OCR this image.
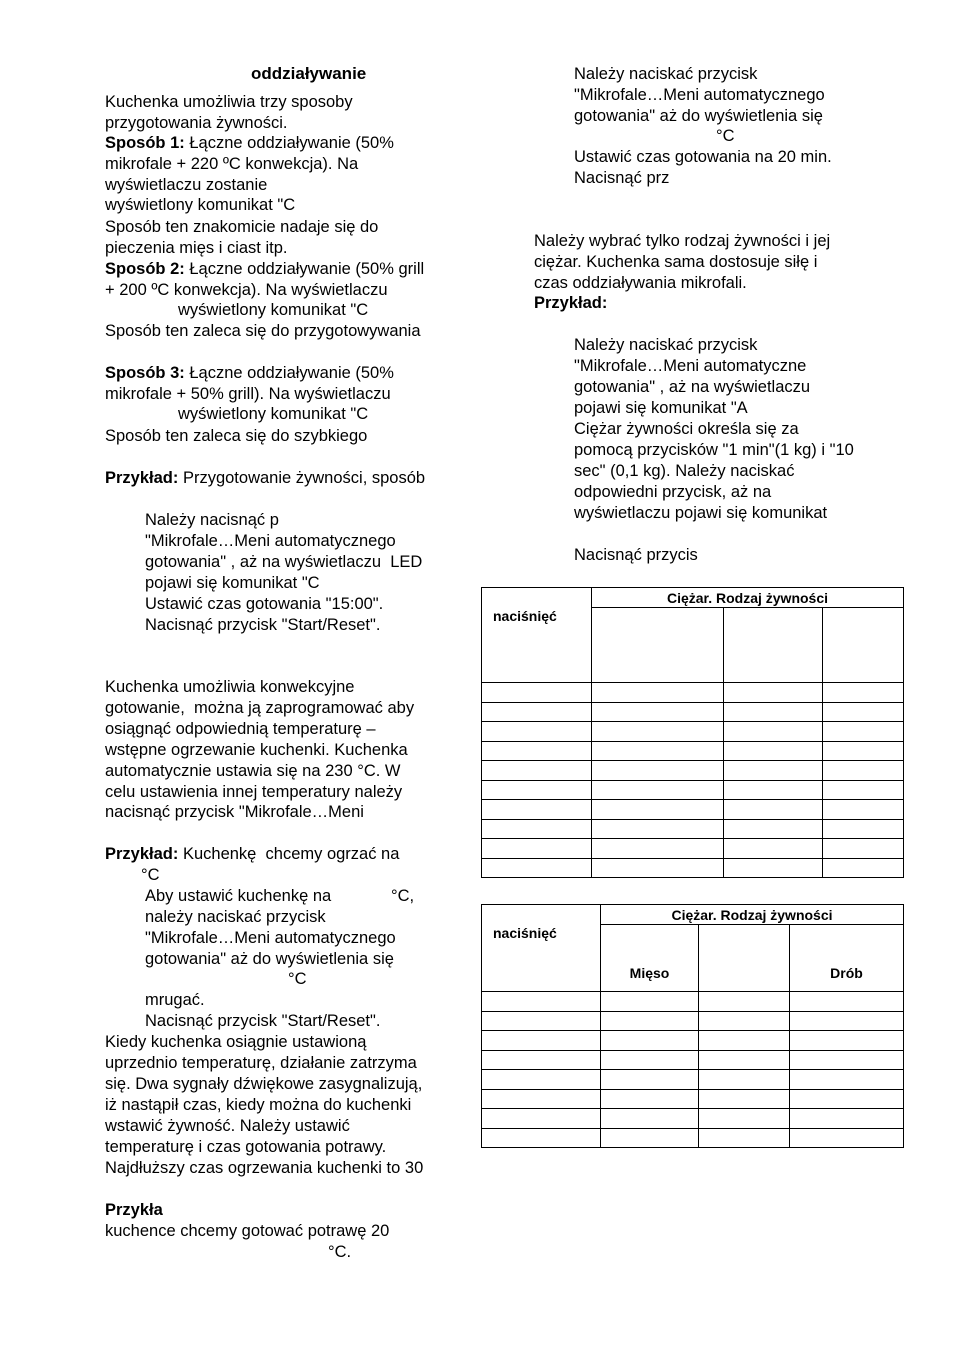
oddziaływanie
Kuchenka umożliwia trzy sposoby
przygotowania żywności.
Sposób 1: Łączne oddziaływanie (50%
mikrofale + 220 ºC konwekcja). Na
wyświetlaczu zostanie
wyświetlony komunikat "C
Sposób ten znakomicie nadaje się do
pieczenia mięs i ciast itp.
Sposób 2: Łączne oddziaływanie (50% grill
+ 200 ºC konwekcja). Na wyświetlaczu
wyświetlony komunikat "C
Sposób ten zaleca się do przygotowywania
Sposób 3: Łączne oddziaływanie (50%
mikrofale + 50% grill). Na wyświetlaczu
wyświetlony komunikat "C
Sposób ten zaleca się do szybkiego
Przykład: Przygotowanie żywności, sposób
Należy nacisnąć p
"Mikrofale…Meni automatycznego
gotowania" , aż na wyświetlaczu  LED
pojawi się komunikat "C
Ustawić czas gotowania "15:00".
Nacisnąć przycisk "Start/Reset".
Kuchenka umożliwia konwekcyjne
gotowanie,  można ją zaprogramować aby
osiągnąć odpowiednią temperaturę –
wstępne ogrzewanie kuchenki. Kuchenka
automatycznie ustawia się na 230 °C. W
celu ustawienia innej temperatury należy
nacisnąć przycisk "Mikrofale…Meni
Przykład: Kuchenkę  chcemy ogrzać na
°C
Aby ustawić kuchenkę na	°C,
należy naciskać przycisk
"Mikrofale…Meni automatycznego
gotowania" aż do wyświetlenia się
°C
mrugać.
Nacisnąć przycisk "Start/Reset".
Kiedy kuchenka osiągnie ustawioną
uprzednio temperaturę, działanie zatrzyma
się. Dwa sygnały dźwiękowe zasygnalizują,
iż nastąpił czas, kiedy można do kuchenki
wstawić żywność. Należy ustawić
temperaturę i czas gotowania potrawy.
Najdłuższy czas ogrzewania kuchenki to 30
Przykła
kuchence chcemy gotować potrawę 20
°C.
Należy naciskać przycisk
"Mikrofale…Meni automatycznego
gotowania" aż do wyświetlenia się
°C
Ustawić czas gotowania na 20 min.
Nacisnąć prz
Należy wybrać tylko rodzaj żywności i jej
ciężar. Kuchenka sama dostosuje siłę i
czas oddziaływania mikrofali.
Przykład:
Należy naciskać przycisk
"Mikrofale…Meni automatyczne
gotowania" , aż na wyświetlaczu
pojawi się komunikat "A
Ciężar żywności określa się za
pomocą przycisków "1 min"(1 kg) i "10
sec" (0,1 kg). Należy naciskać
odpowiedni przycisk, aż na
wyświetlaczu pojawi się komunikat
Nacisnąć przycis
naciśnięć	Ciężar. Rodzaj żywności		

naciśnięć	Ciężar. Rodzaj żywności		
	Mięso		Drób
